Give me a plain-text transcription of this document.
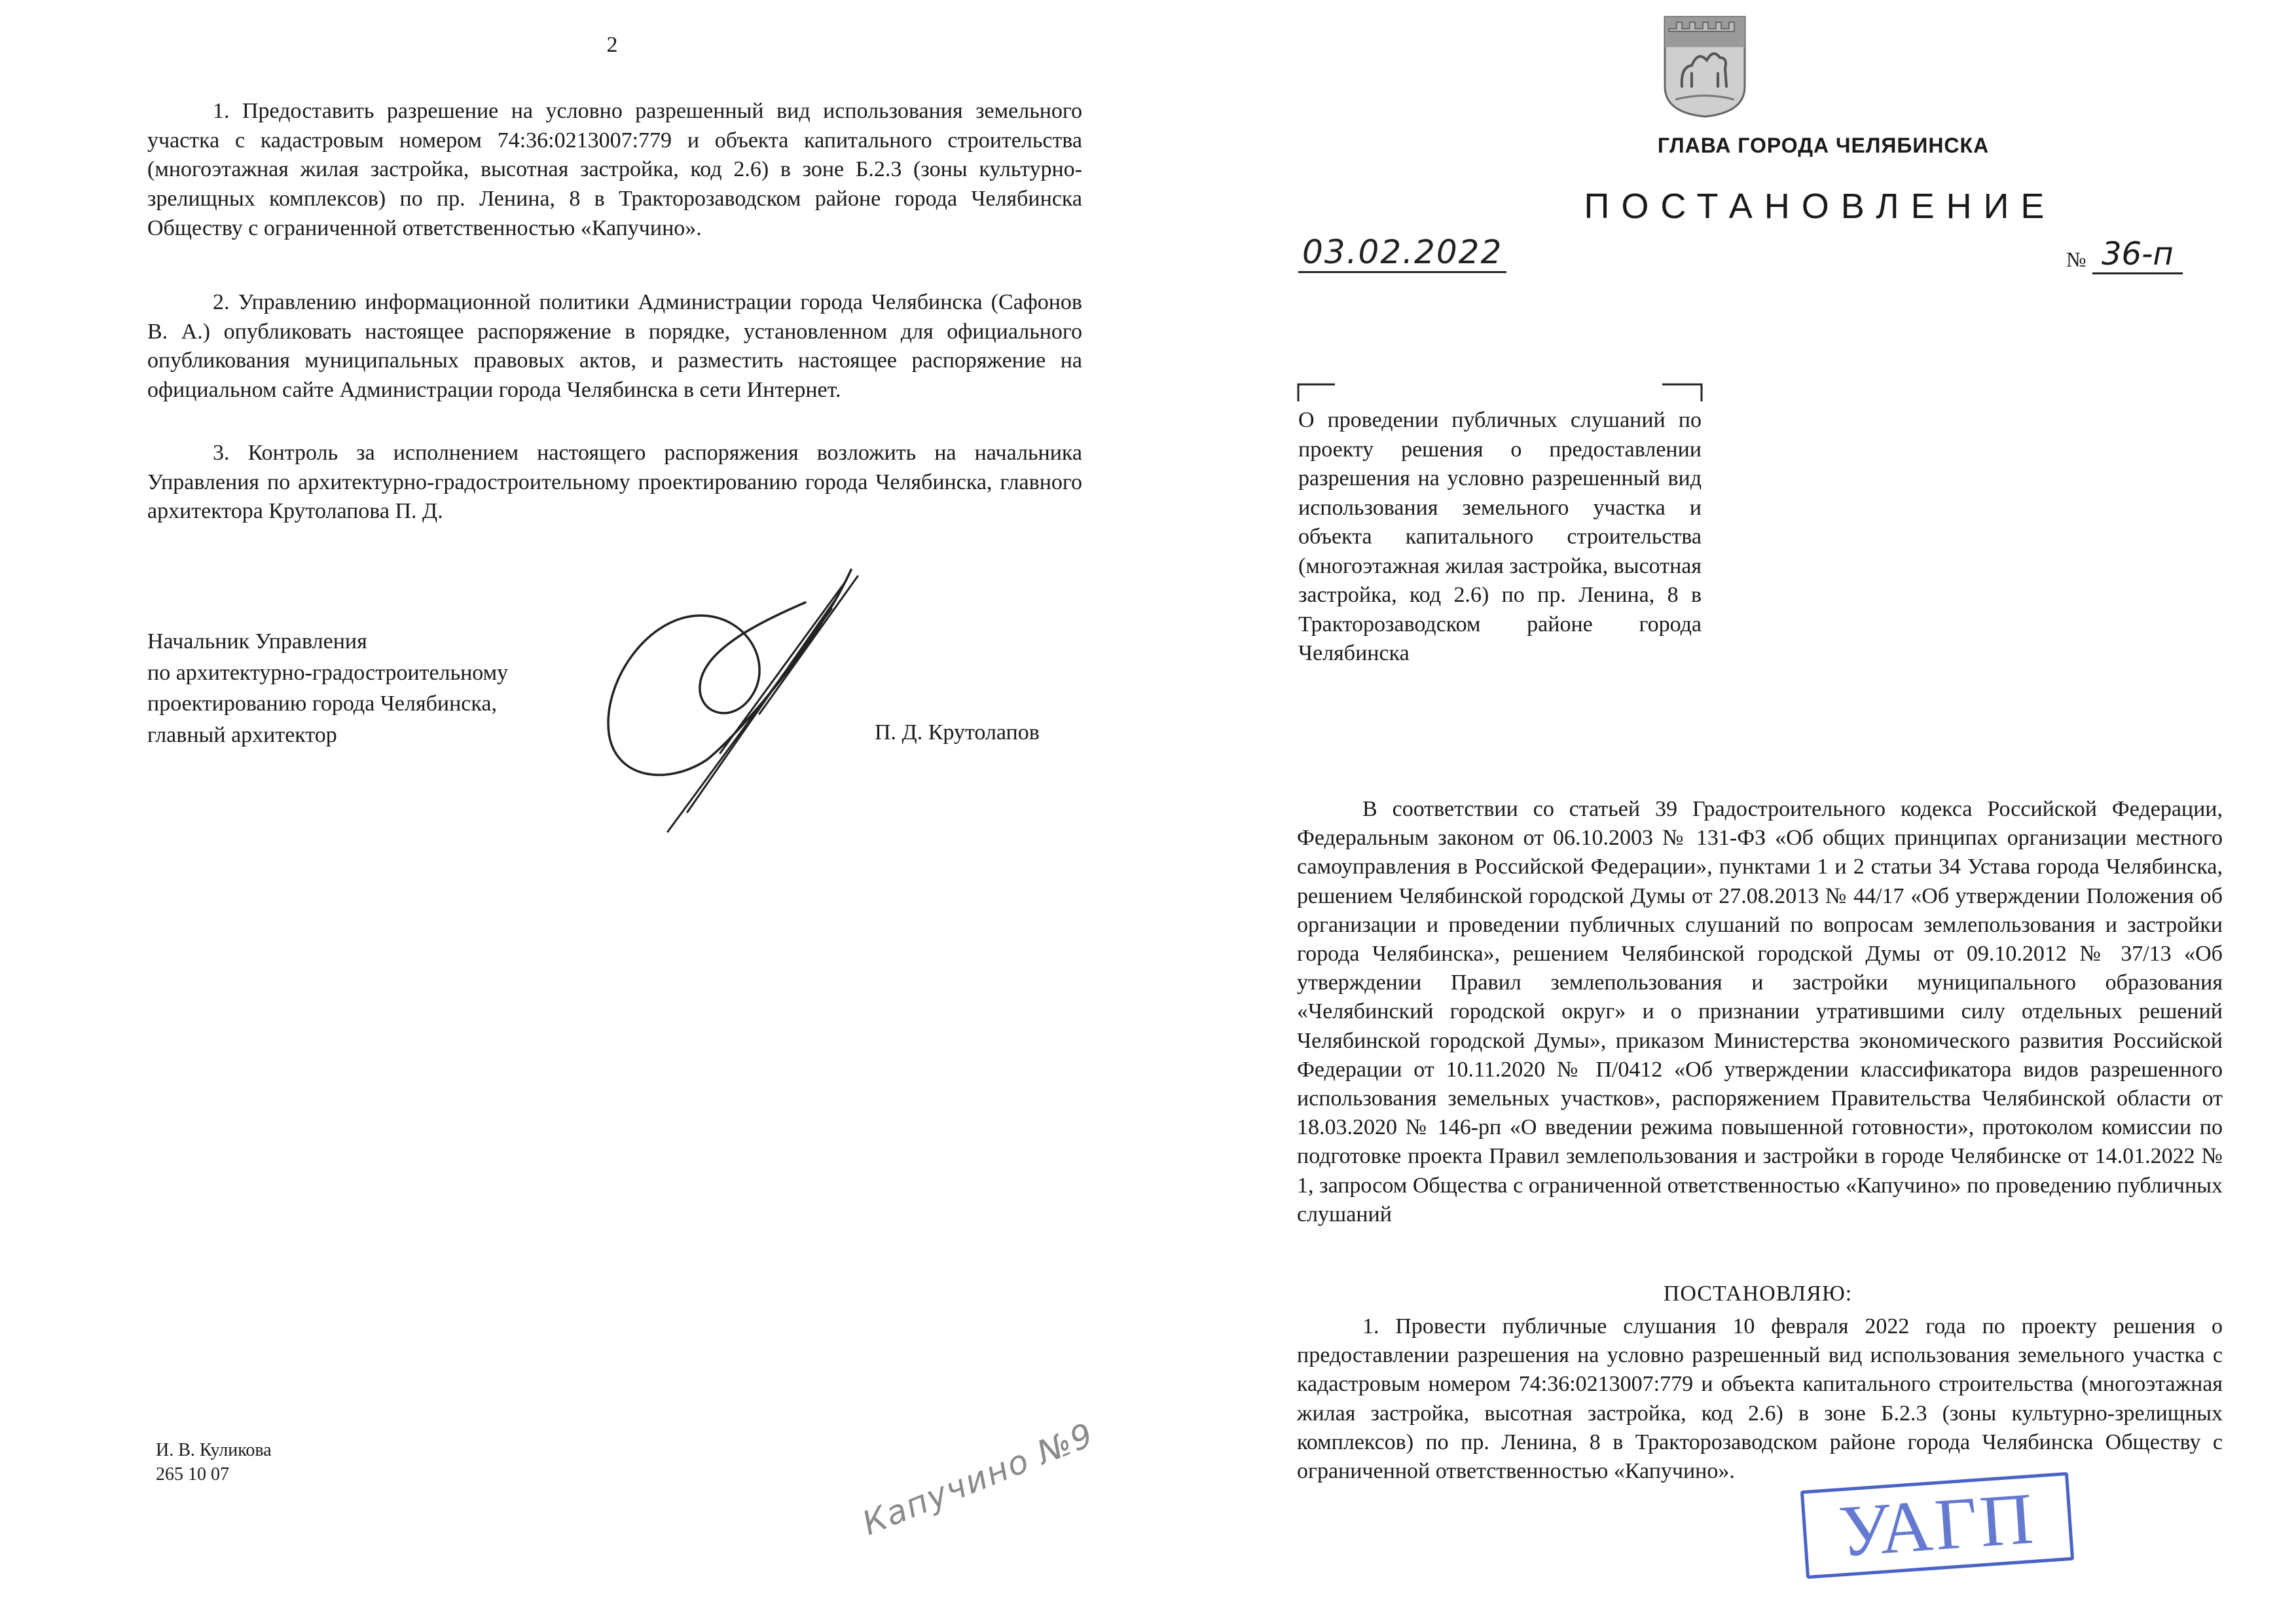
2
1. Предоставить разрешение на условно разрешенный вид использования земельного участка с кадастровым номером 74:36:0213007:779 и объекта капитального строительства (многоэтажная жилая застройка, высотная застройка, код 2.6) в зоне Б.2.3 (зоны культурно-зрелищных комплексов) по пр. Ленина, 8 в Тракторозаводском районе города Челябинска Обществу с ограниченной ответственностью «Капучино».
2. Управлению информационной политики Администрации города Челябинска (Сафонов В. А.) опубликовать настоящее распоряжение в порядке, установленном для официального опубликования муниципальных правовых актов, и разместить настоящее распоряжение на официальном сайте Администрации города Челябинска в сети Интернет.
3. Контроль за исполнением настоящего распоряжения возложить на начальника Управления по архитектурно-градостроительному проектированию города Челябинска, главного архитектора Крутолапова П. Д.
Начальник Управления
по архитектурно-градостроительному
проектированию города Челябинска,
главный архитектор	П. Д. Крутолапов
И. В. Куликова
265 10 07	Капучино №9
ГЛАВА ГОРОДА ЧЕЛЯБИНСКА
ПОСТАНОВЛЕНИЕ
03.02.2022	№ 36-п
О проведении публичных слушаний по проекту решения о предоставлении разрешения на условно разрешенный вид использования земельного участка и объекта капитального строительства (многоэтажная жилая застройка, высотная застройка, код 2.6) по пр. Ленина, 8 в Тракторозаводском районе города Челябинска
В соответствии со статьей 39 Градостроительного кодекса Российской Федерации, Федеральным законом от 06.10.2003 № 131-ФЗ «Об общих принципах организации местного самоуправления в Российской Федерации», пунктами 1 и 2 статьи 34 Устава города Челябинска, решением Челябинской городской Думы от 27.08.2013 № 44/17 «Об утверждении Положения об организации и проведении публичных слушаний по вопросам землепользования и застройки города Челябинска», решением Челябинской городской Думы от 09.10.2012 № 37/13 «Об утверждении Правил землепользования и застройки муниципального образования «Челябинский городской округ» и о признании утратившими силу отдельных решений Челябинской городской Думы», приказом Министерства экономического развития Российской Федерации от 10.11.2020 № П/0412 «Об утверждении классификатора видов разрешенного использования земельных участков», распоряжением Правительства Челябинской области от 18.03.2020 № 146-рп «О введении режима повышенной готовности», протоколом комиссии по подготовке проекта Правил землепользования и застройки в городе Челябинске от 14.01.2022 № 1, запросом Общества с ограниченной ответственностью «Капучино» по проведению публичных слушаний
ПОСТАНОВЛЯЮ:
1. Провести публичные слушания 10 февраля 2022 года по проекту решения о предоставлении разрешения на условно разрешенный вид использования земельного участка с кадастровым номером 74:36:0213007:779 и объекта капитального строительства (многоэтажная жилая застройка, высотная застройка, код 2.6) в зоне Б.2.3 (зоны культурно-зрелищных комплексов) по пр. Ленина, 8 в Тракторозаводском районе города Челябинска Обществу с ограниченной ответственностью «Капучино».
УАГП
